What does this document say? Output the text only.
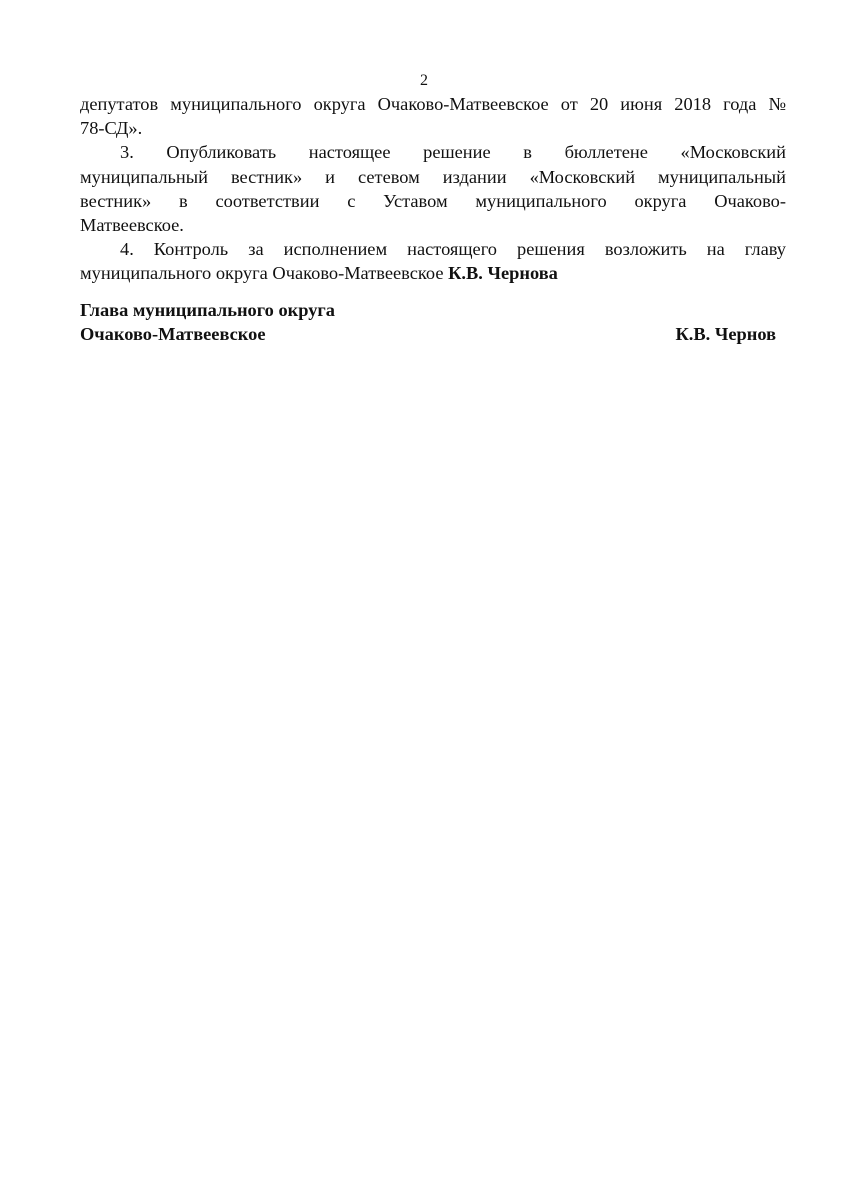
2
депутатов муниципального округа Очаково-Матвеевское от 20 июня 2018 года №
78-СД».
3. Опубликовать настоящее решение в бюллетене «Московский
муниципальный вестник» и сетевом издании «Московский муниципальный
вестник» в соответствии с Уставом муниципального округа Очаково-
Матвеевское.
4. Контроль за исполнением настоящего решения возложить на главу
муниципального округа Очаково-Матвеевское К.В. Чернова
Глава муниципального округа
Очаково-Матвеевское	К.В. Чернов
